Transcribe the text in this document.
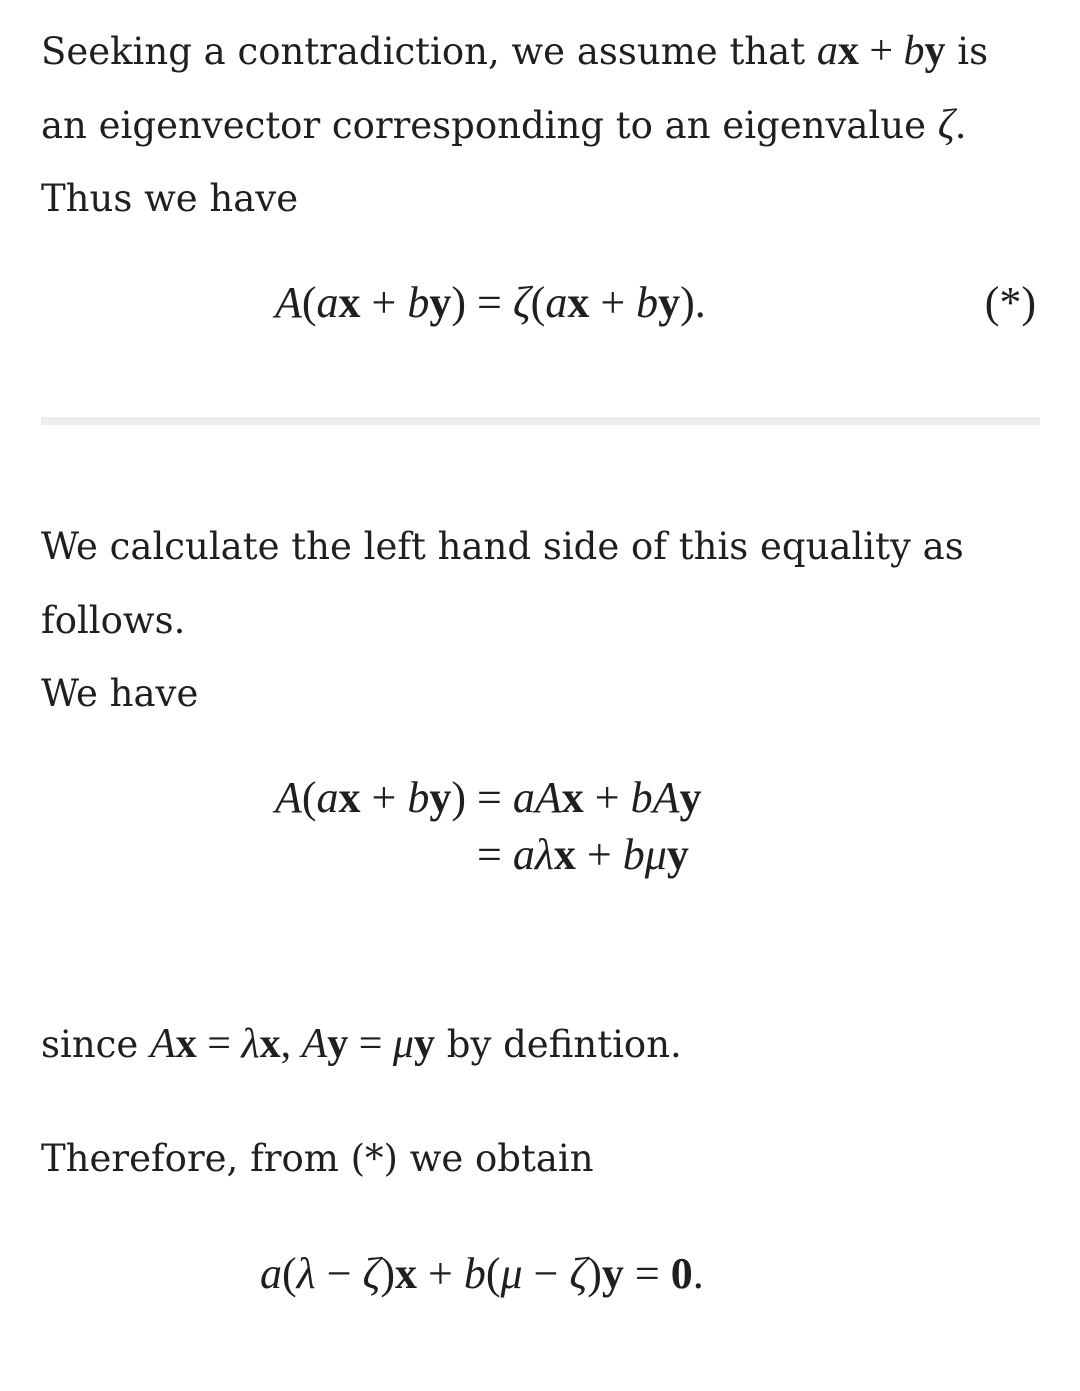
Seeking a contradiction, we assume that ax + by is
an eigenvector corresponding to an eigenvalue ζ.
Thus we have
A(ax + by) = ζ(ax + by).	(*)
We calculate the left hand side of this equality as
follows.
We have
A(ax + by) = aAx + bAy
= aλx + bμy
since Ax = λx, Ay = μy by defintion.
Therefore, from (*) we obtain
a(λ − ζ)x + b(μ − ζ)y = 0.
